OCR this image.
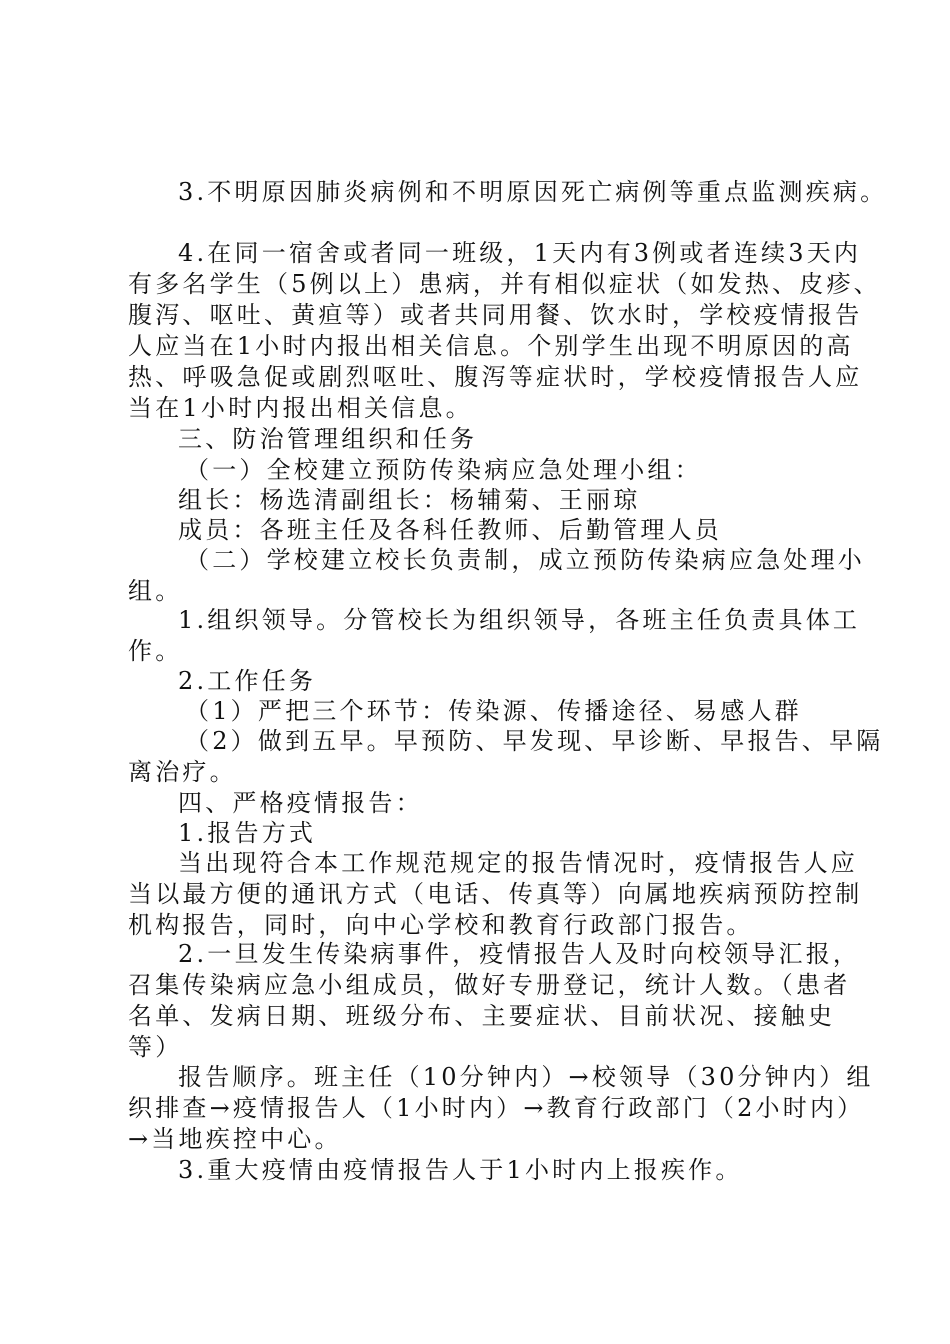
3.不明原因肺炎病例和不明原因死亡病例等重点监测疾病。
4.在同一宿舍或者同一班级，1天内有3例或者连续3天内
有多名学生（5例以上）患病，并有相似症状（如发热、皮疹、
腹泻、呕吐、黄疸等）或者共同用餐、饮水时，学校疫情报告
人应当在1小时内报出相关信息。个别学生出现不明原因的高
热、呼吸急促或剧烈呕吐、腹泻等症状时，学校疫情报告人应
当在1小时内报出相关信息。
三、防治管理组织和任务
（一）全校建立预防传染病应急处理小组：
组长：杨选清副组长：杨辅菊、王丽琼
成员：各班主任及各科任教师、后勤管理人员
（二）学校建立校长负责制，成立预防传染病应急处理小
组。
1.组织领导。分管校长为组织领导，各班主任负责具体工
作。
2.工作任务
（1）严把三个环节：传染源、传播途径、易感人群
（2）做到五早。早预防、早发现、早诊断、早报告、早隔
离治疗。
四、严格疫情报告：
1.报告方式
当出现符合本工作规范规定的报告情况时，疫情报告人应
当以最方便的通讯方式（电话、传真等）向属地疾病预防控制
机构报告，同时，向中心学校和教育行政部门报告。
2.一旦发生传染病事件，疫情报告人及时向校领导汇报，
召集传染病应急小组成员，做好专册登记，统计人数。（患者
名单、发病日期、班级分布、主要症状、目前状况、接触史
等）
报告顺序。班主任（10分钟内）→校领导（30分钟内）组
织排查→疫情报告人（1小时内）→教育行政部门（2小时内）
→当地疾控中心。
3.重大疫情由疫情报告人于1小时内上报疾作。
